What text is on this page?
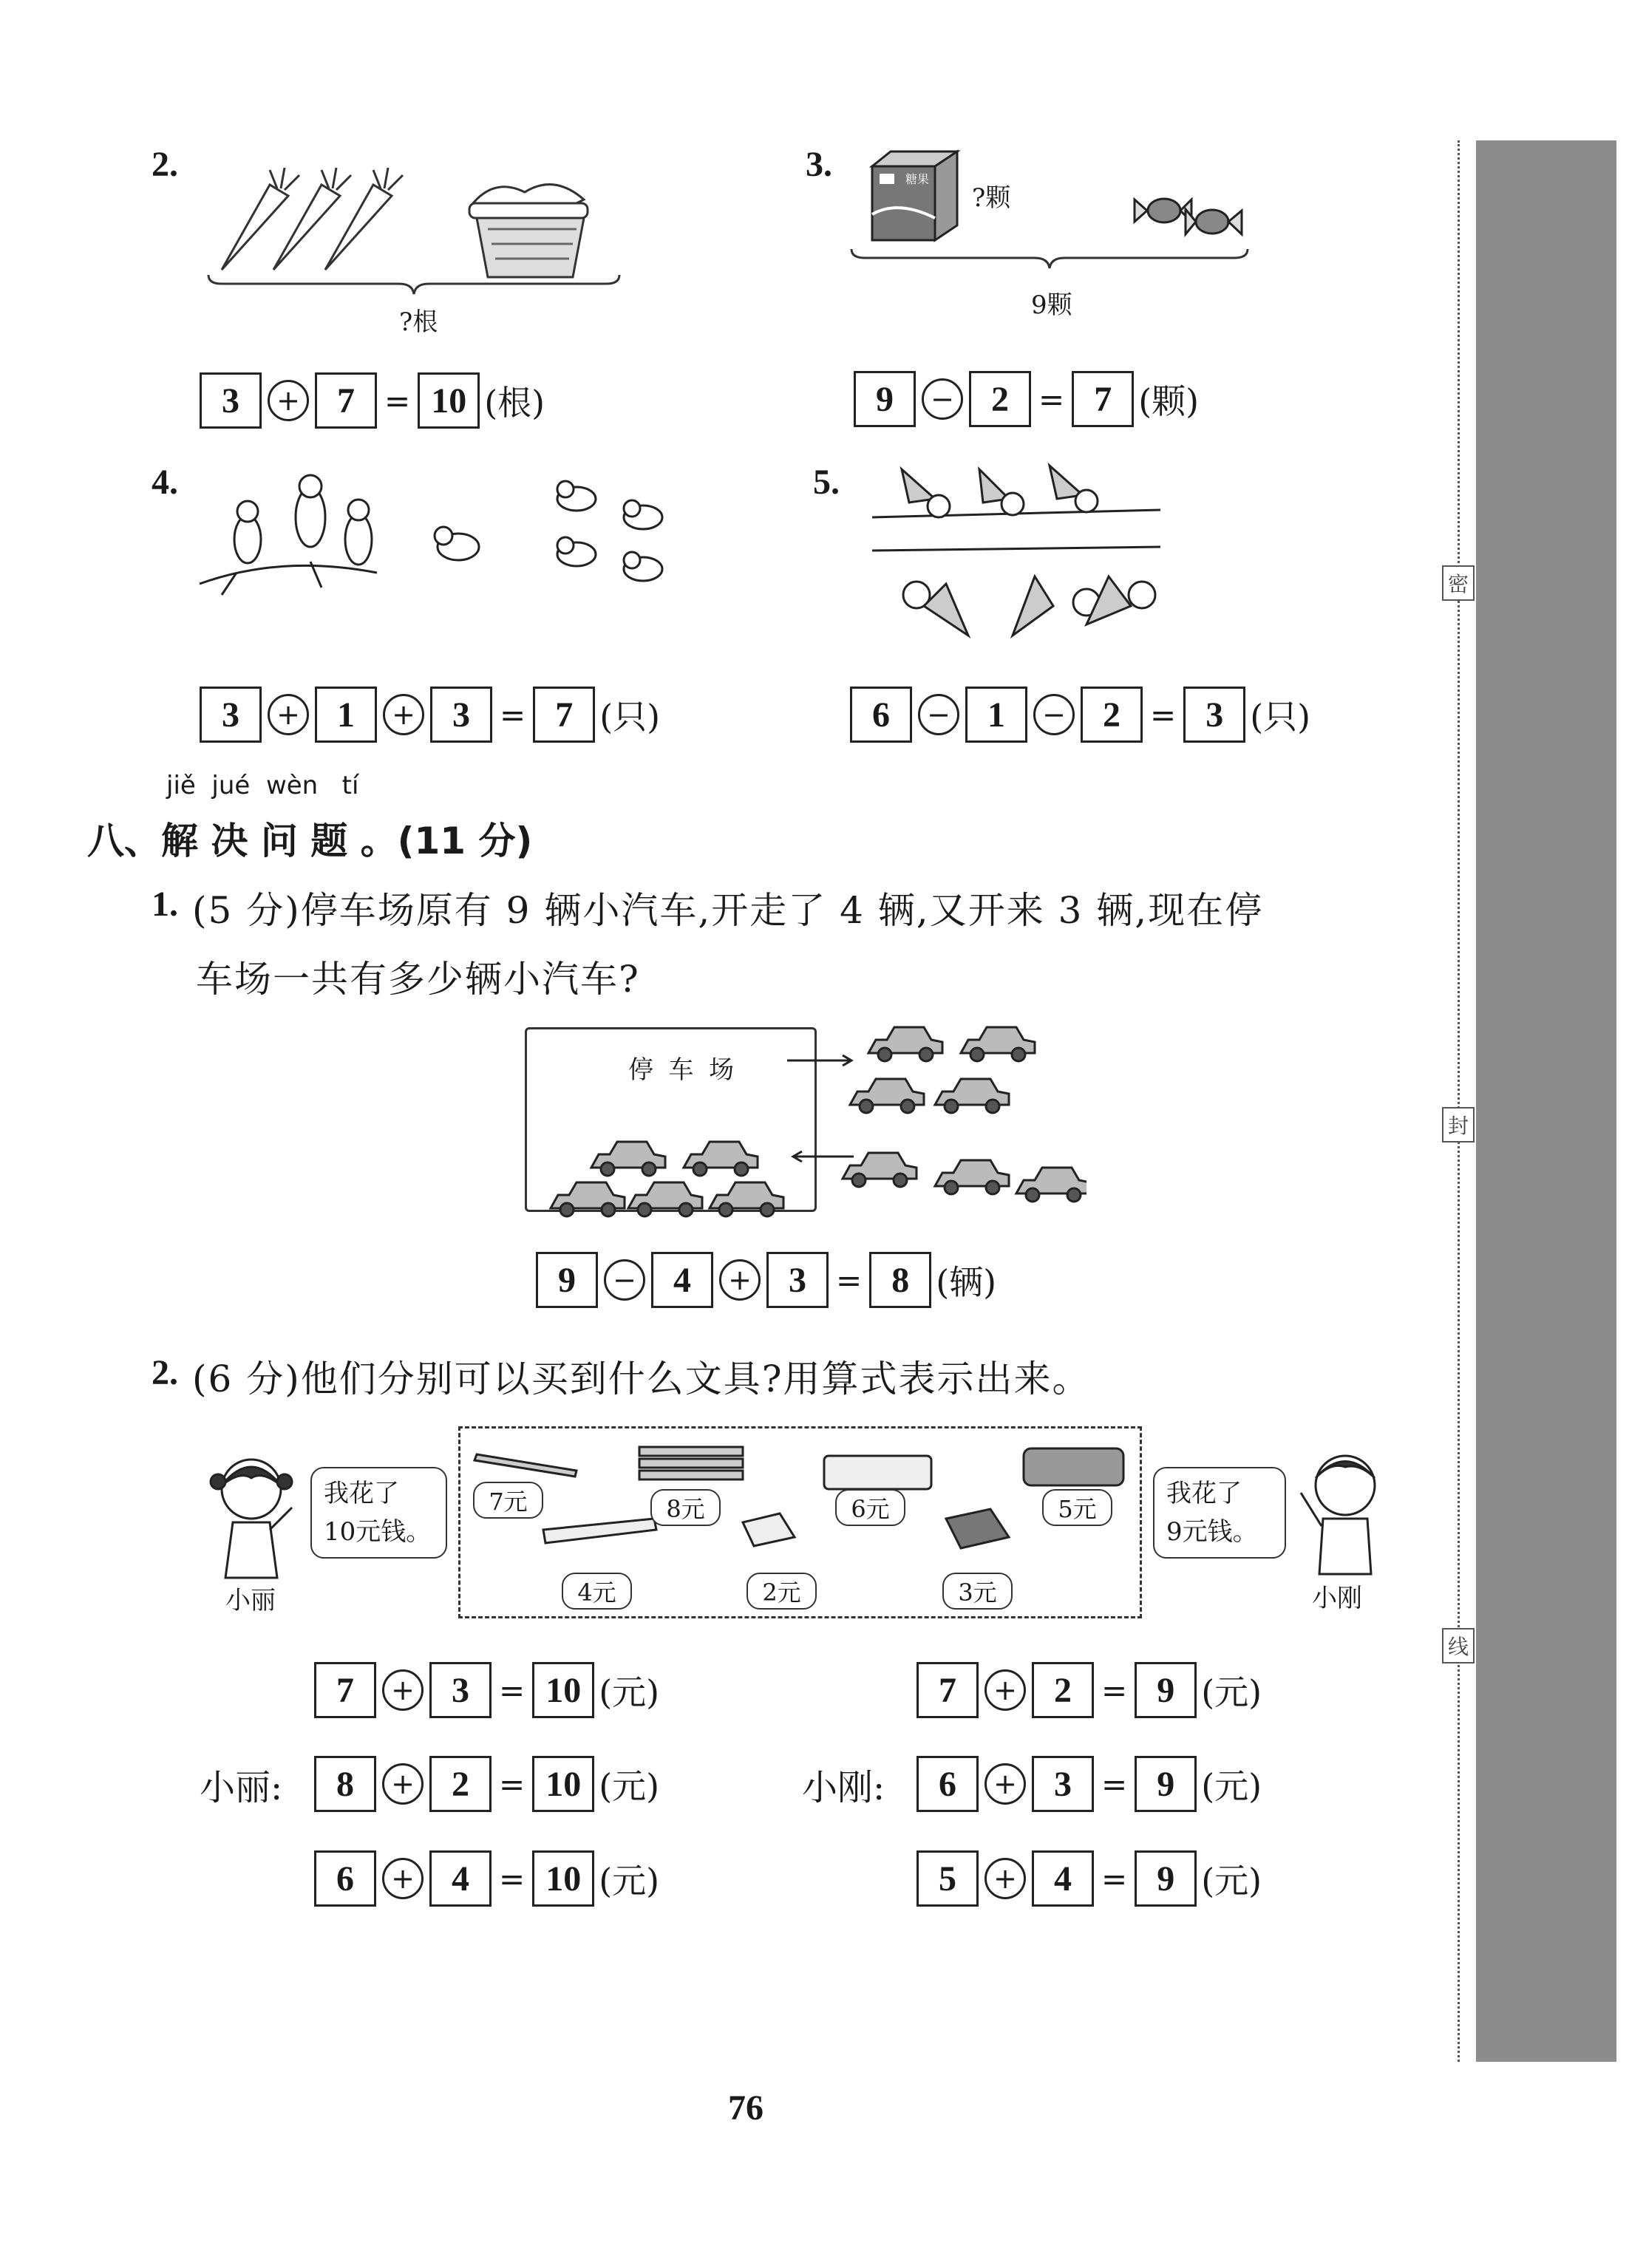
密
封
线
2.
?根
3	+	7 = 10 (根)
3.	糖果
?颗
9颗
9	−	2 = 7 (颗)
4.
3	+	1	+	3 = 7 (只)
5.
6	−	1	−	2 = 3 (只)
jiě  jué  wèn   tí
八、解 决 问 题 。(11 分)
1. (5 分)停车场原有 9 辆小汽车,开走了 4 辆,又开来 3 辆,现在停
车场一共有多少辆小汽车?
停 车 场
9	−	4	+	3 = 8 (辆)
2. (6 分)他们分别可以买到什么文具?用算式表示出来。
小丽
我花了
10元钱。
7元	8元	6元	5元
4元	2元	3元
我花了
9元钱。
小刚
7	+	3 = 10 (元)
小丽:	8	+	2 = 10 (元)
6	+	4 = 10 (元)
7	+	2 = 9 (元)
小刚:	6	+	3 = 9 (元)
5	+	4 = 9 (元)
76
